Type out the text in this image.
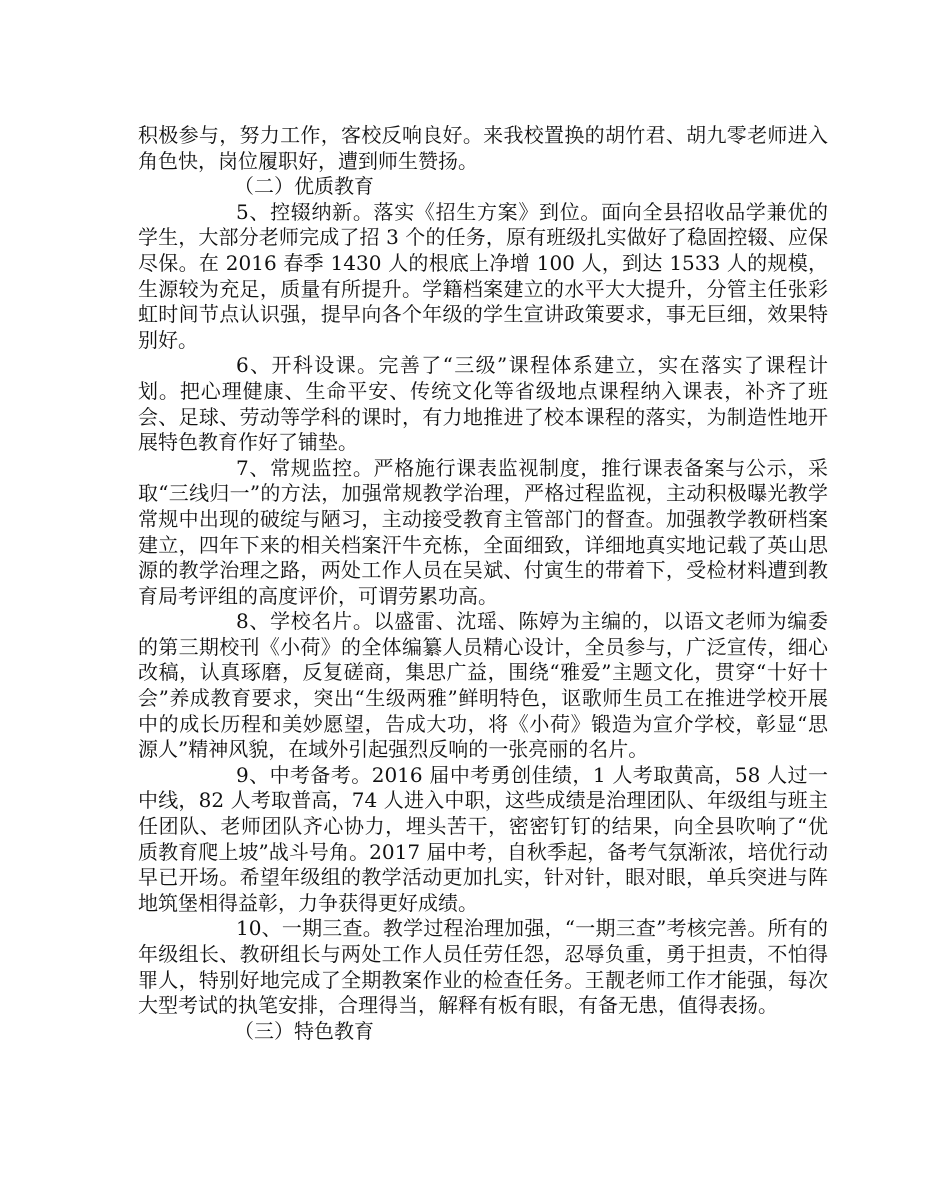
积极参与，努力工作，客校反响良好。来我校置换的胡竹君、胡九零老师进入角色快，岗位履职好，遭到师生赞扬。

（二）优质教育

5、控辍纳新。落实《招生方案》到位。面向全县招收品学兼优的学生，大部分老师完成了招 3 个的任务，原有班级扎实做好了稳固控辍、应保尽保。在 2016 春季 1430 人的根底上净增 100 人，到达 1533 人的规模，生源较为充足，质量有所提升。学籍档案建立的水平大大提升，分管主任张彩虹时间节点认识强，提早向各个年级的学生宣讲政策要求，事无巨细，效果特别好。

6、开科设课。完善了“三级”课程体系建立，实在落实了课程计划。把心理健康、生命平安、传统文化等省级地点课程纳入课表，补齐了班会、足球、劳动等学科的课时，有力地推进了校本课程的落实，为制造性地开展特色教育作好了铺垫。

7、常规监控。严格施行课表监视制度，推行课表备案与公示，采取“三线归一”的方法，加强常规教学治理，严格过程监视，主动积极曝光教学常规中出现的破绽与陋习，主动接受教育主管部门的督查。加强教学教研档案建立，四年下来的相关档案汗牛充栋，全面细致，详细地真实地记载了英山思源的教学治理之路，两处工作人员在吴斌、付寅生的带着下，受检材料遭到教育局考评组的高度评价，可谓劳累功高。

8、学校名片。以盛雷、沈瑶、陈婷为主编的，以语文老师为编委的第三期校刊《小荷》的全体编纂人员精心设计，全员参与，广泛宣传，细心改稿，认真琢磨，反复磋商，集思广益，围绕“雅爱”主题文化，贯穿“十好十会”养成教育要求，突出“生级两雅”鲜明特色，讴歌师生员工在推进学校开展中的成长历程和美妙愿望，告成大功，将《小荷》锻造为宣介学校，彰显“思源人”精神风貌，在域外引起强烈反响的一张亮丽的名片。

9、中考备考。2016 届中考勇创佳绩，1 人考取黄高，58 人过一中线，82 人考取普高，74 人进入中职，这些成绩是治理团队、年级组与班主任团队、老师团队齐心协力，埋头苦干，密密钉钉的结果，向全县吹响了“优质教育爬上坡”战斗号角。2017 届中考，自秋季起，备考气氛渐浓，培优行动早已开场。希望年级组的教学活动更加扎实，针对针，眼对眼，单兵突进与阵地筑堡相得益彰，力争获得更好成绩。

10、一期三查。教学过程治理加强，“一期三查”考核完善。所有的年级组长、教研组长与两处工作人员任劳任怨，忍辱负重，勇于担责，不怕得罪人，特别好地完成了全期教案作业的检查任务。王靓老师工作才能强，每次大型考试的执笔安排，合理得当，解释有板有眼，有备无患，值得表扬。

（三）特色教育
